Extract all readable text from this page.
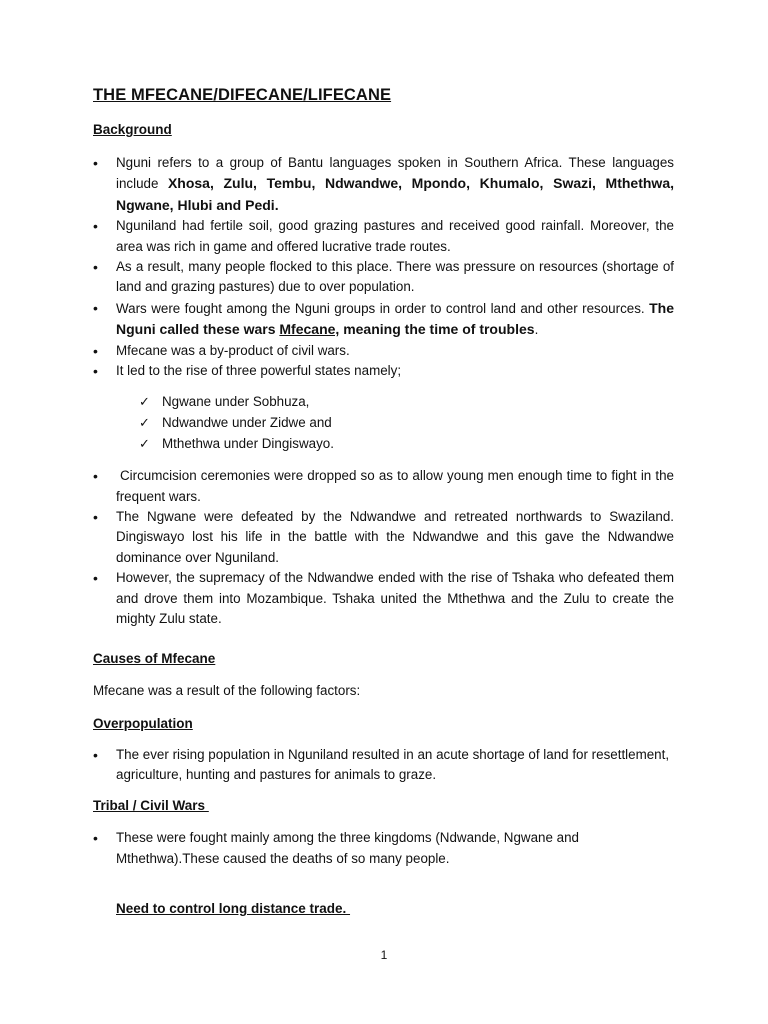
THE MFECANE/DIFECANE/LIFECANE
Background
• Nguni refers to a group of Bantu languages spoken in Southern Africa. These languages include Xhosa, Zulu, Tembu, Ndwandwe, Mpondo, Khumalo, Swazi, Mthethwa, Ngwane, Hlubi and Pedi.
• Nguniland had fertile soil, good grazing pastures and received good rainfall. Moreover, the area was rich in game and offered lucrative trade routes.
• As a result, many people flocked to this place. There was pressure on resources (shortage of land and grazing pastures) due to over population.
• Wars were fought among the Nguni groups in order to control land and other resources. The Nguni called these wars Mfecane, meaning the time of troubles.
• Mfecane was a by-product of civil wars.
• It led to the rise of three powerful states namely;
✓ Ngwane under Sobhuza,
✓ Ndwandwe under Zidwe and
✓ Mthethwa under Dingiswayo.
• Circumcision ceremonies were dropped so as to allow young men enough time to fight in the frequent wars.
• The Ngwane were defeated by the Ndwandwe and retreated northwards to Swaziland. Dingiswayo lost his life in the battle with the Ndwandwe and this gave the Ndwandwe dominance over Nguniland.
• However, the supremacy of the Ndwandwe ended with the rise of Tshaka who defeated them and drove them into Mozambique. Tshaka united the Mthethwa and the Zulu to create the mighty Zulu state.
Causes of Mfecane

Mfecane was a result of the following factors:

Overpopulation
• The ever rising population in Nguniland resulted in an acute shortage of land for resettlement, agriculture, hunting and pastures for animals to graze.
Tribal / Civil Wars
• These were fought mainly among the three kingdoms (Ndwande, Ngwane and Mthethwa).These caused the deaths of so many people.
Need to control long distance trade.
1
